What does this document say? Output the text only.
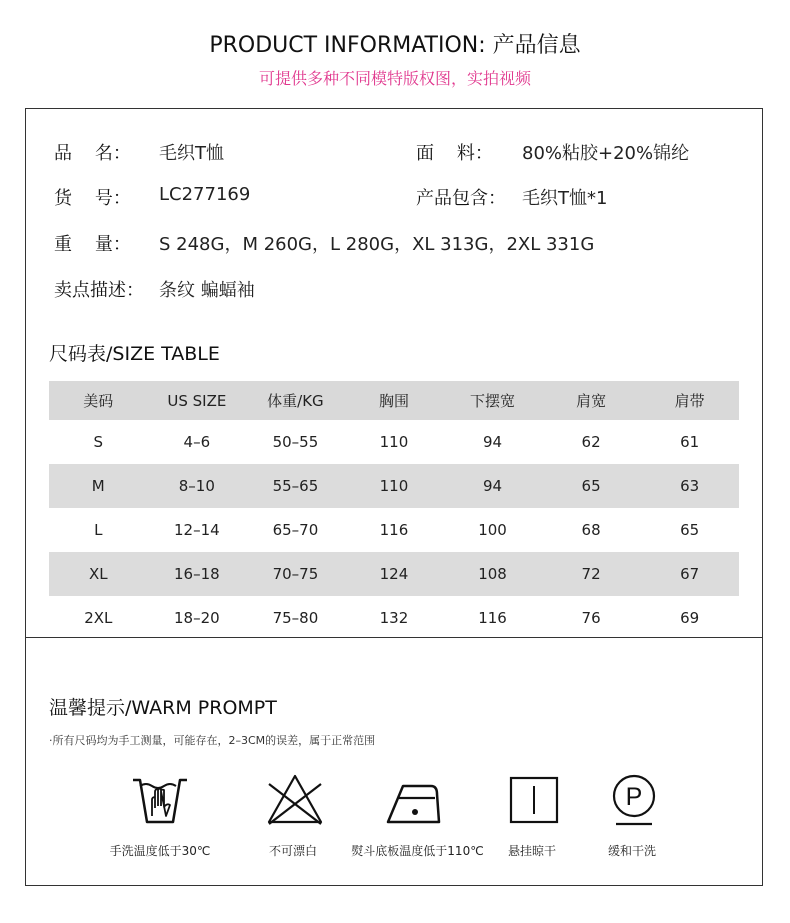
PRODUCT INFORMATION: 产品信息
可提供多种不同模特版权图，实拍视频
品    名： 毛织T恤	面    料： 80%粘胶+20%锦纶
货    号： LC277169	产品包含： 毛织T恤*1
重    量： S 248G，M 260G，L 280G，XL 313G，2XL 331G
卖点描述： 条纹 蝙蝠袖
尺码表/SIZE TABLE
美码	US SIZE	体重/KG	胸围	下摆宽	肩宽	肩带
S	4–6	50–55	110	94	62	61
M	8–10	55–65	110	94	65	63
L	12–14	65–70	116	100	68	65
XL	16–18	70–75	124	108	72	67
2XL	18–20	75–80	132	116	76	69
温馨提示/WARM PROMPT
·所有尺码均为手工测量，可能存在，2–3CM的误差，属于正常范围
手洗温度低于30℃	不可漂白	熨斗底板温度低于110℃	悬挂晾干
P
缓和干洗
